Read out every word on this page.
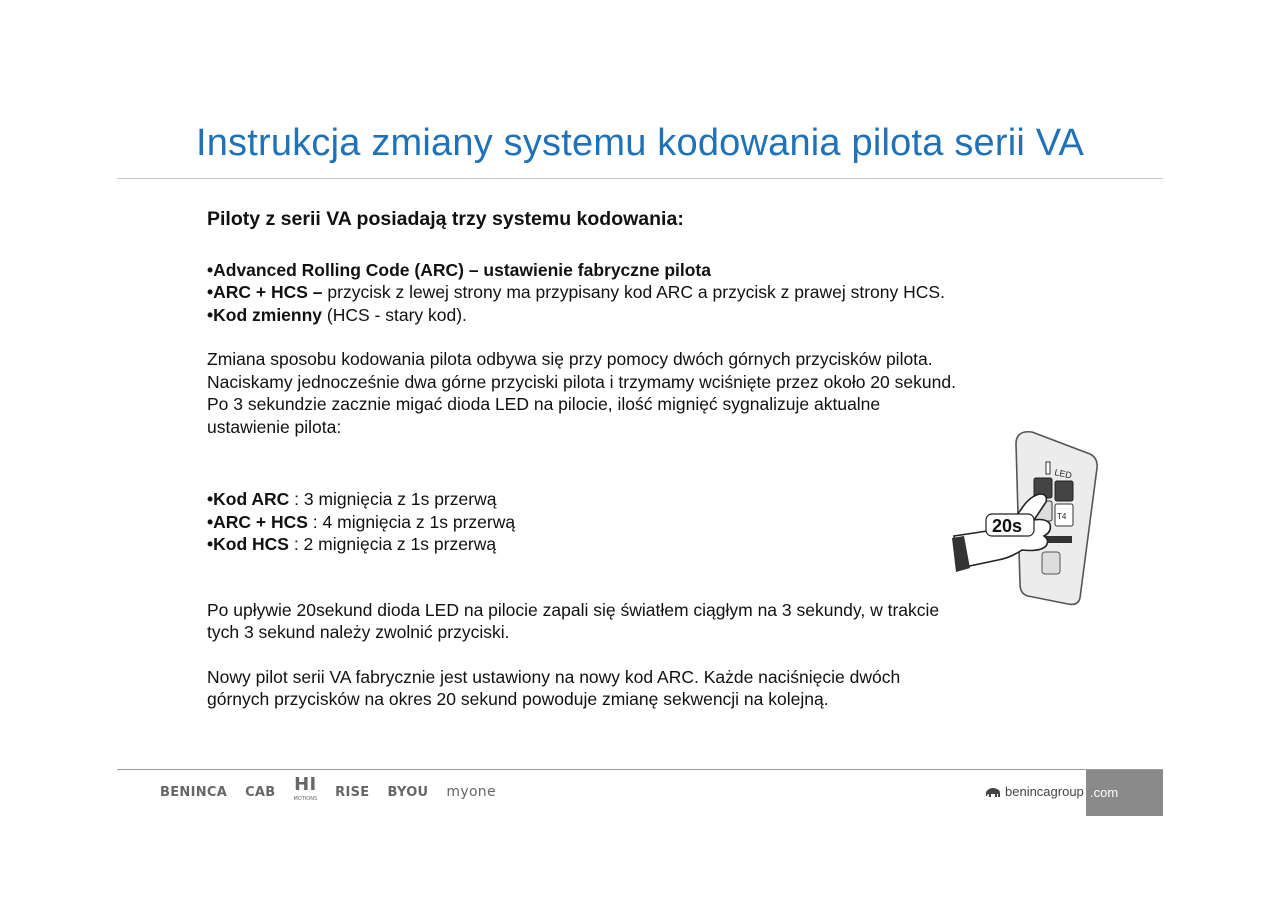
Instrukcja zmiany systemu kodowania pilota serii VA
Piloty z serii VA posiadają trzy systemu kodowania:
•Advanced Rolling Code (ARC) – ustawienie fabryczne pilota
•ARC + HCS – przycisk z lewej strony ma przypisany kod ARC a przycisk z prawej strony HCS.
•Kod zmienny (HCS - stary kod).
Zmiana sposobu kodowania pilota odbywa się przy pomocy dwóch górnych przycisków pilota.
Naciskamy jednocześnie dwa górne przyciski pilota i trzymamy wciśnięte przez około 20 sekund.
Po 3 sekundzie zacznie migać dioda LED na pilocie, ilość mignięć sygnalizuje aktualne
ustawienie pilota:
•Kod ARC : 3 mignięcia z 1s przerwą
•ARC + HCS : 4 mignięcia z 1s przerwą
•Kod HCS : 2 mignięcia z 1s przerwą
Po upływie 20sekund dioda LED na pilocie zapali się światłem ciągłym na 3 sekundy, w trakcie
tych 3 sekund należy zwolnić przyciski.
Nowy pilot serii VA fabrycznie jest ustawiony na nowy kod ARC. Każde naciśnięcie dwóch
górnych przycisków na okres 20 sekund powoduje zmianę sekwencji na kolejną.
LED
T4
20s
BENINCA CAB HI
MOTIONS RISE BYOU myone	benincagroup .com
